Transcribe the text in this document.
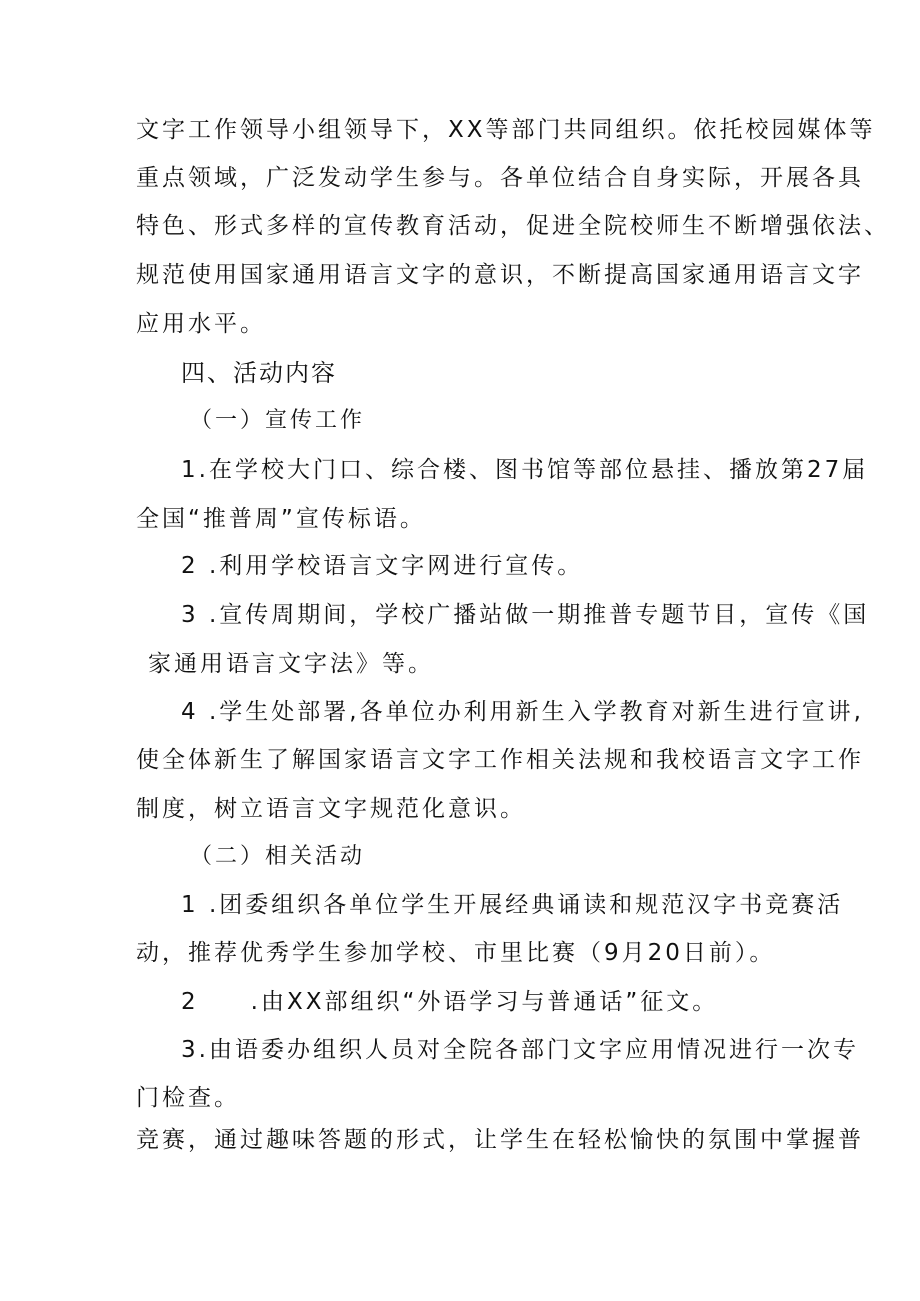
文字工作领导小组领导下，XX等部门共同组织。依托校园媒体等
重点领域，广泛发动学生参与。各单位结合自身实际，开展各具
特色、形式多样的宣传教育活动，促进全院校师生不断增强依法、
规范使用国家通用语言文字的意识，不断提高国家通用语言文字
应用水平。
四、活动内容
（一）宣传工作
1.在学校大门口、综合楼、图书馆等部位悬挂、播放第27届
全国“推普周”宣传标语。
2 .利用学校语言文字网进行宣传。
3 .宣传周期间，学校广播站做一期推普专题节目，宣传《国
家通用语言文字法》等。
4 .学生处部署,各单位办利用新生入学教育对新生进行宣讲,
使全体新生了解国家语言文字工作相关法规和我校语言文字工作
制度，树立语言文字规范化意识。
（二）相关活动
1 .团委组织各单位学生开展经典诵读和规范汉字书竞赛活
动，推荐优秀学生参加学校、市里比赛（9月20日前）。
2　　.由XX部组织“外语学习与普通话”征文。
3.由语委办组织人员对全院各部门文字应用情况进行一次专
门检查。
竞赛，通过趣味答题的形式，让学生在轻松愉快的氛围中掌握普
